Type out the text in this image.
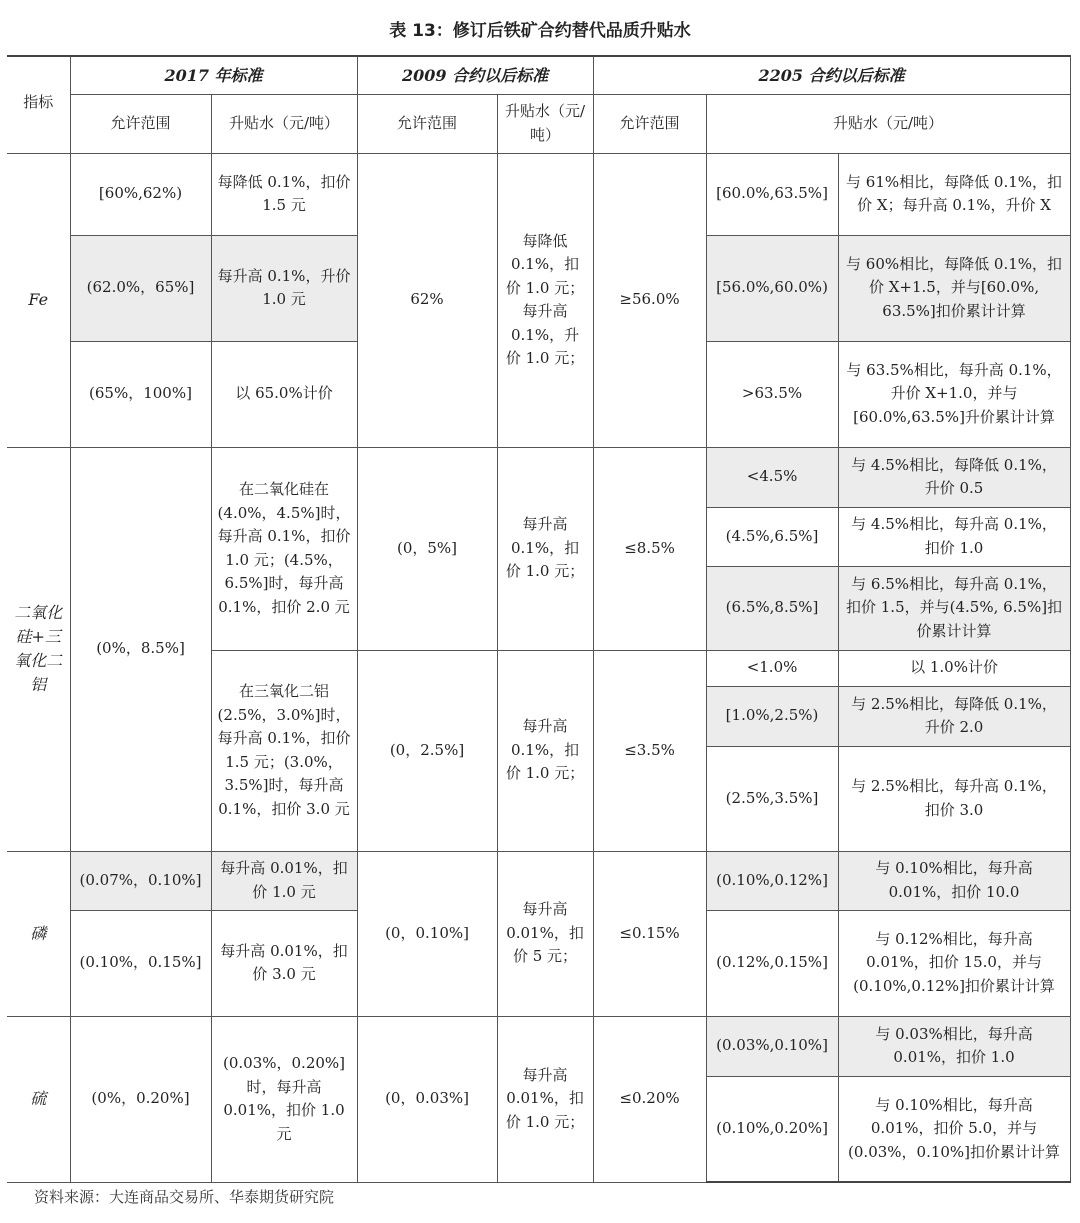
表 13：修订后铁矿合约替代品质升贴水
指标	2017 年标准		2009 合约以后标准		2205 合约以后标准		
	允许范围	升贴水（元/吨）	允许范围	升贴水（元/吨）	允许范围	升贴水（元/吨）	
Fe	[60%,62%)	每降低 0.1%，扣价 1.5 元	62%	每降低 0.1%，扣价 1.0 元；每升高 0.1%，升价 1.0 元；	≥56.0%	[60.0%,63.5%]	与 61%相比，每降低 0.1%，扣价 X；每升高 0.1%，升价 X
	(62.0%，65%]	每升高 0.1%，升价 1.0 元				[56.0%,60.0%)	与 60%相比，每降低 0.1%，扣价 X+1.5，并与[60.0%, 63.5%]扣价累计计算
	(65%，100%]	以 65.0%计价				>63.5%	与 63.5%相比，每升高 0.1%，升价 X+1.0，并与[60.0%,63.5%]升价累计计算
二氧化硅+三氧化二铝	(0%，8.5%]	在二氧化硅在(4.0%，4.5%]时，每升高 0.1%，扣价 1.0 元；(4.5%，6.5%]时，每升高 0.1%，扣价 2.0 元	(0，5%]	每升高 0.1%，扣价 1.0 元；	≤8.5%	<4.5%	与 4.5%相比，每降低 0.1%，升价 0.5
						(4.5%,6.5%]	与 4.5%相比，每升高 0.1%，扣价 1.0
						(6.5%,8.5%]	与 6.5%相比，每升高 0.1%，扣价 1.5，并与(4.5%, 6.5%]扣价累计计算
		在三氧化二铝(2.5%，3.0%]时，每升高 0.1%，扣价 1.5 元；(3.0%，3.5%]时，每升高 0.1%，扣价 3.0 元	(0，2.5%]	每升高 0.1%，扣价 1.0 元；	≤3.5%	<1.0%	以 1.0%计价
						[1.0%,2.5%)	与 2.5%相比，每降低 0.1%，升价 2.0
						(2.5%,3.5%]	与 2.5%相比，每升高 0.1%，扣价 3.0
磷	(0.07%，0.10%]	每升高 0.01%，扣价 1.0 元	(0，0.10%]	每升高 0.01%，扣价 5 元；	≤0.15%	(0.10%,0.12%]	与 0.10%相比，每升高 0.01%，扣价 10.0
	(0.10%，0.15%]	每升高 0.01%，扣价 3.0 元				(0.12%,0.15%]	与 0.12%相比，每升高 0.01%，扣价 15.0，并与(0.10%,0.12%]扣价累计计算
硫	(0%，0.20%]	(0.03%，0.20%]时，每升高 0.01%，扣价 1.0 元	(0，0.03%]	每升高 0.01%，扣价 1.0 元；	≤0.20%	(0.03%,0.10%]	与 0.03%相比，每升高 0.01%，扣价 1.0
						(0.10%,0.20%]	与 0.10%相比，每升高 0.01%，扣价 5.0，并与(0.03%，0.10%]扣价累计计算
资料来源：大连商品交易所、华泰期货研究院
